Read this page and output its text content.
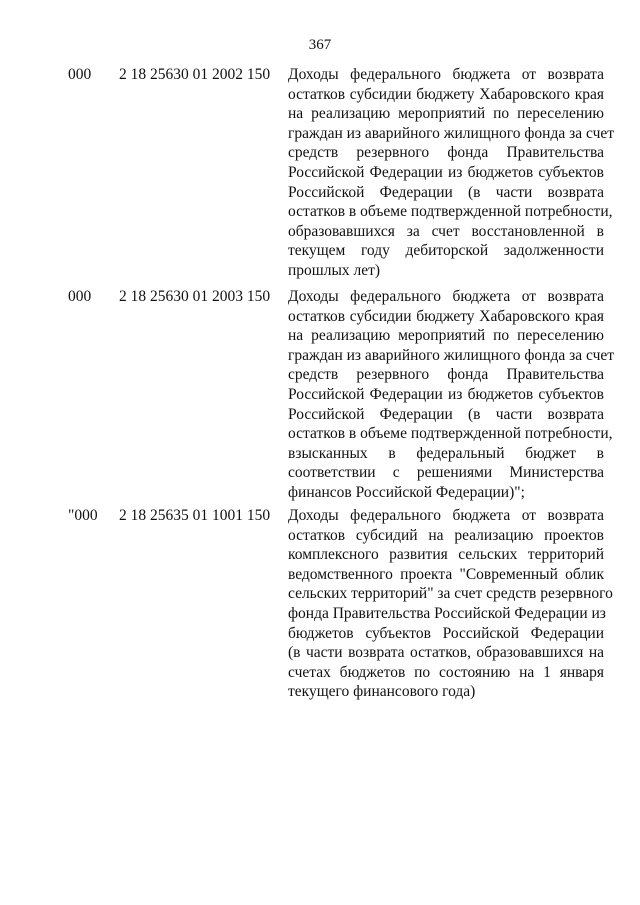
367
000 2 18 25630 01 2002 150 Доходы федерального бюджета от возврата
остатков субсидии бюджету Хабаровского края
на реализацию мероприятий по переселению
граждан из аварийного жилищного фонда за счет
средств резервного фонда Правительства
Российской Федерации из бюджетов субъектов
Российской Федерации (в части возврата
остатков в объеме подтвержденной потребности,
образовавшихся за счет восстановленной в
текущем году дебиторской задолженности
прошлых лет)
000 2 18 25630 01 2003 150 Доходы федерального бюджета от возврата
остатков субсидии бюджету Хабаровского края
на реализацию мероприятий по переселению
граждан из аварийного жилищного фонда за счет
средств резервного фонда Правительства
Российской Федерации из бюджетов субъектов
Российской Федерации (в части возврата
остатков в объеме подтвержденной потребности,
взысканных в федеральный бюджет в
соответствии с решениями Министерства
финансов Российской Федерации)";
"000 2 18 25635 01 1001 150 Доходы федерального бюджета от возврата
остатков субсидий на реализацию проектов
комплексного развития сельских территорий
ведомственного проекта "Современный облик
сельских территорий" за счет средств резервного
фонда Правительства Российской Федерации из
бюджетов субъектов Российской Федерации
(в части возврата остатков, образовавшихся на
счетах бюджетов по состоянию на 1 января
текущего финансового года)
